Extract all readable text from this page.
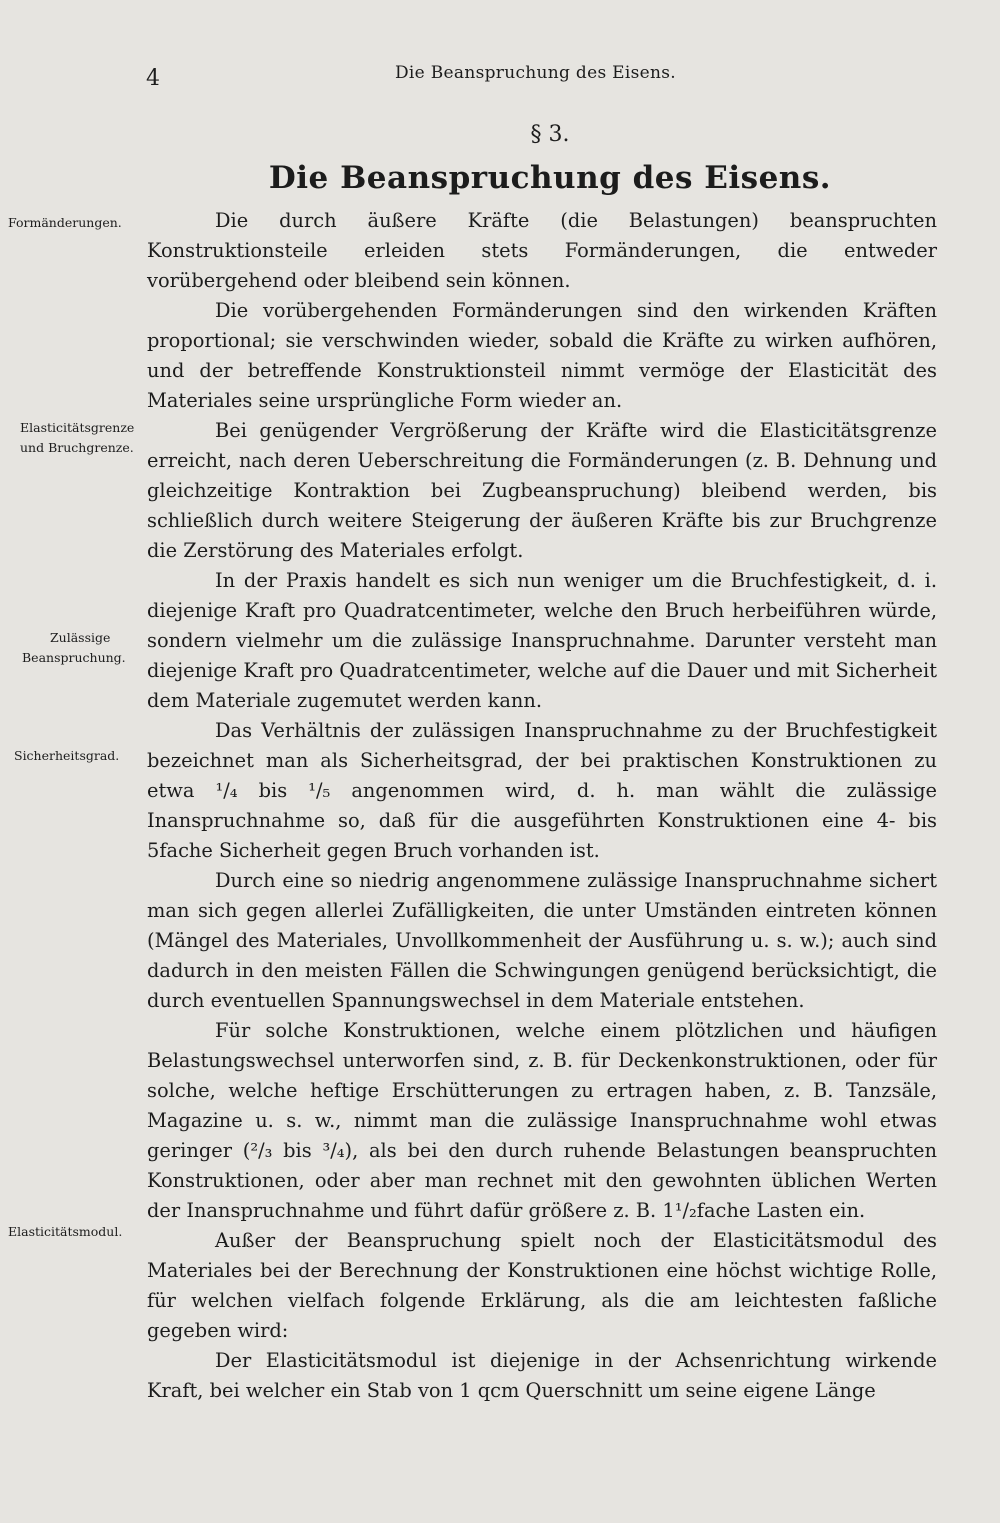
4	Die Beanspruchung des Eisens.
§ 3.
Die Beanspruchung des Eisens.
Formänderungen.
Elasticitätsgrenze
und Bruchgrenze.
Zulässige
Beanspruchung.
Sicherheitsgrad.
Elasticitätsmodul.

Die durch äußere Kräfte (die Belastungen) beanspruchten Konstruktionsteile erleiden stets Formänderungen, die entweder vorübergehend oder bleibend sein können.

Die vorübergehenden Formänderungen sind den wirkenden Kräften proportional; sie verschwinden wieder, sobald die Kräfte zu wirken aufhören, und der betreffende Konstruktionsteil nimmt vermöge der Elasticität des Materiales seine ursprüngliche Form wieder an.

Bei genügender Vergrößerung der Kräfte wird die Elasticitätsgrenze erreicht, nach deren Ueberschreitung die Formänderungen (z. B. Dehnung und gleichzeitige Kontraktion bei Zugbeanspruchung) bleibend werden, bis schließlich durch weitere Steigerung der äußeren Kräfte bis zur Bruchgrenze die Zerstörung des Materiales erfolgt.

In der Praxis handelt es sich nun weniger um die Bruchfestigkeit, d. i. diejenige Kraft pro Quadratcentimeter, welche den Bruch herbeiführen würde, sondern vielmehr um die zulässige Inanspruchnahme. Darunter versteht man diejenige Kraft pro Quadratcentimeter, welche auf die Dauer und mit Sicherheit dem Materiale zugemutet werden kann.

Das Verhältnis der zulässigen Inanspruchnahme zu der Bruchfestigkeit bezeichnet man als Sicherheitsgrad, der bei praktischen Konstruktionen zu etwa ¹/₄ bis ¹/₅ angenommen wird, d. h. man wählt die zulässige Inanspruchnahme so, daß für die ausgeführten Konstruktionen eine 4- bis 5fache Sicherheit gegen Bruch vorhanden ist.

Durch eine so niedrig angenommene zulässige Inanspruchnahme sichert man sich gegen allerlei Zufälligkeiten, die unter Umständen eintreten können (Mängel des Materiales, Unvollkommenheit der Ausführung u. s. w.); auch sind dadurch in den meisten Fällen die Schwingungen genügend berücksichtigt, die durch eventuellen Spannungswechsel in dem Materiale entstehen.

Für solche Konstruktionen, welche einem plötzlichen und häufigen Belastungswechsel unterworfen sind, z. B. für Deckenkonstruktionen, oder für solche, welche heftige Erschütterungen zu ertragen haben, z. B. Tanzsäle, Magazine u. s. w., nimmt man die zulässige Inanspruchnahme wohl etwas geringer (²/₃ bis ³/₄), als bei den durch ruhende Belastungen beanspruchten Konstruktionen, oder aber man rechnet mit den gewohnten üblichen Werten der Inanspruchnahme und führt dafür größere z. B. 1¹/₂fache Lasten ein.

Außer der Beanspruchung spielt noch der Elasticitätsmodul des Materiales bei der Berechnung der Konstruktionen eine höchst wichtige Rolle, für welchen vielfach folgende Erklärung, als die am leichtesten faßliche gegeben wird:

Der Elasticitätsmodul ist diejenige in der Achsenrichtung wirkende Kraft, bei welcher ein Stab von 1 qcm Querschnitt um seine eigene Länge
